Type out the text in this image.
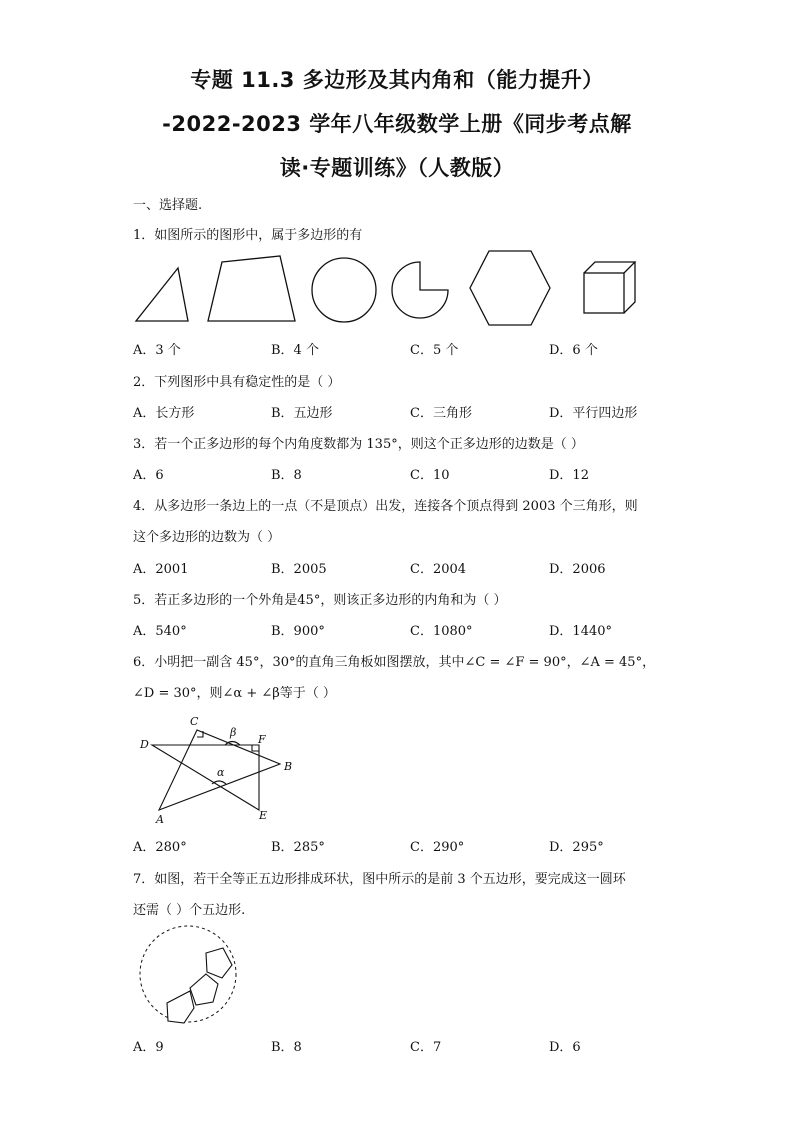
专题 11.3 多边形及其内角和（能力提升）
-2022-2023 学年八年级数学上册《同步考点解
读·专题训练》（人教版）
一、选择题.
1．如图所示的图形中，属于多边形的有
A．3 个	B．4 个	C．5 个	D．6 个
2．下列图形中具有稳定性的是（ ）
A．长方形	B．五边形	C．三角形	D．平行四边形
3．若一个正多边形的每个内角度数都为 135°，则这个正多边形的边数是（ ）
A．6	B．8	C．10	D．12
4．从多边形一条边上的一点（不是顶点）出发，连接各个顶点得到 2003 个三角形，则
这个多边形的边数为（ ）
A．2001	B．2005	C．2004	D．2006
5．若正多边形的一个外角是45°，则该正多边形的内角和为（ ）
A．540°	B．900°	C．1080°	D．1440°
6．小明把一副含 45°，30°的直角三角板如图摆放，其中∠C = ∠F = 90°，∠A = 45°，
∠D = 30°，则∠α + ∠β等于（ ）
C
β
F
D
B
α
A	E
A．280°	B．285°	C．290°	D．295°
7．如图，若干全等正五边形排成环状，图中所示的是前 3 个五边形，要完成这一圆环
还需（ ）个五边形.
A．9	B．8	C．7	D．6
